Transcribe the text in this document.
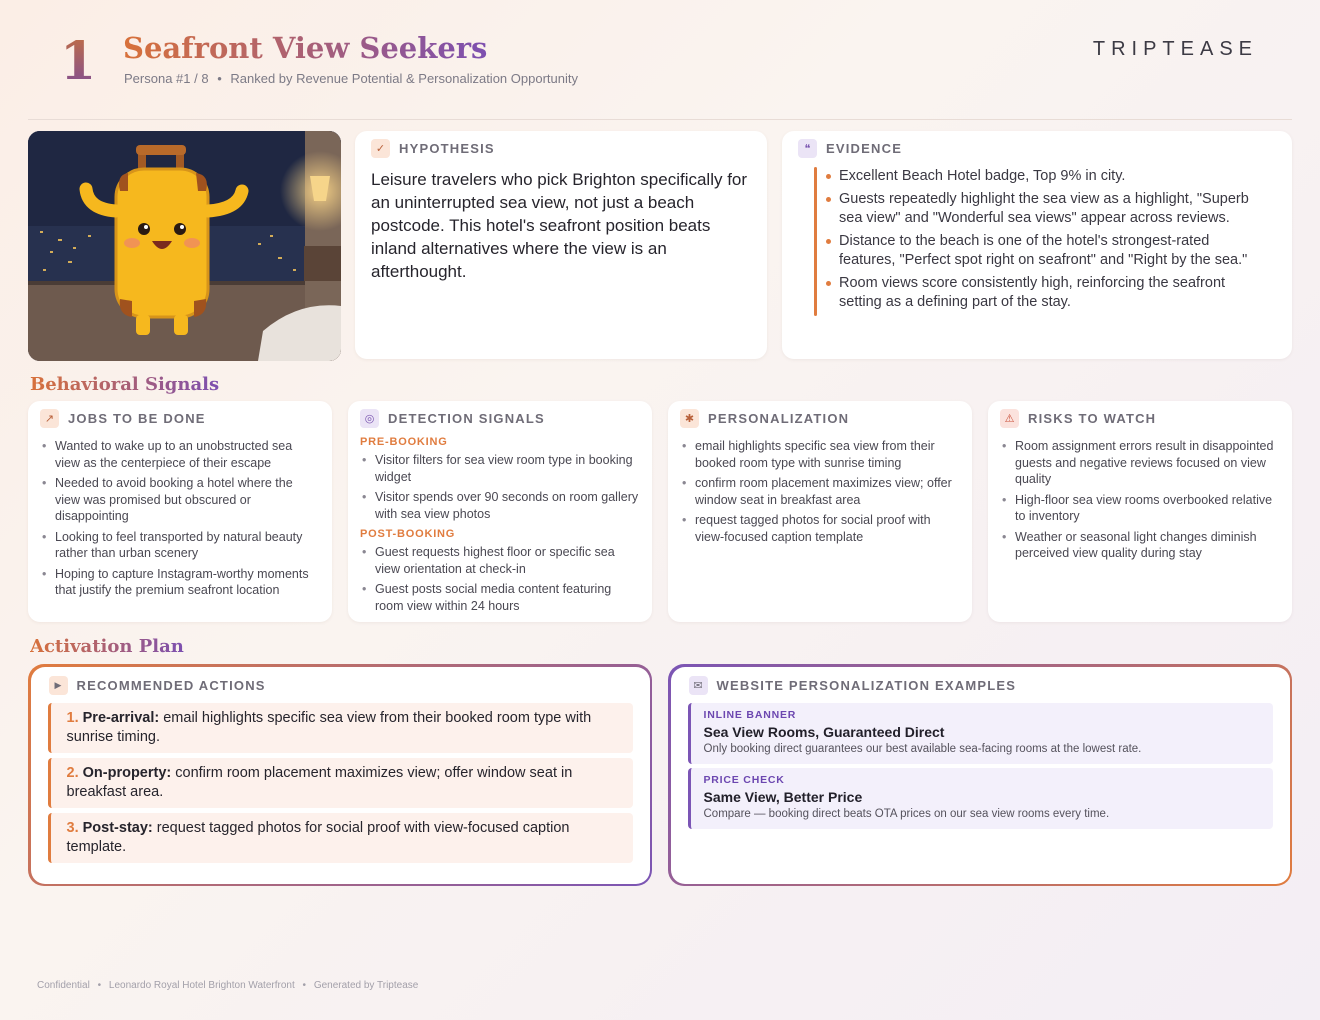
1 Seafront View Seekers
Persona #1 / 8 • Ranked by Revenue Potential & Personalization Opportunity
TRIPTEASE
✓	HYPOTHESIS
Leisure travelers who pick Brighton specifically for an uninterrupted sea view, not just a beach postcode. This hotel's seafront position beats inland alternatives where the view is an afterthought.
❝	EVIDENCE
Excellent Beach Hotel badge, Top 9% in city.
Guests repeatedly highlight the sea view as a highlight, "Superb sea view" and "Wonderful sea views" appear across reviews.
Distance to the beach is one of the hotel's strongest-rated features, "Perfect spot right on seafront" and "Right by the sea."
Room views score consistently high, reinforcing the seafront setting as a defining part of the stay.
Behavioral Signals
↗	JOBS TO BE DONE
• Wanted to wake up to an unobstructed sea view as the centerpiece of their escape
• Needed to avoid booking a hotel where the view was promised but obscured or disappointing
• Looking to feel transported by natural beauty rather than urban scenery
• Hoping to capture Instagram-worthy moments that justify the premium seafront location
◎	DETECTION SIGNALS
PRE-BOOKING
• Visitor filters for sea view room type in booking widget
• Visitor spends over 90 seconds on room gallery with sea view photos
POST-BOOKING
• Guest requests highest floor or specific sea view orientation at check-in
• Guest posts social media content featuring room view within 24 hours
✱	PERSONALIZATION
• email highlights specific sea view from their booked room type with sunrise timing
• confirm room placement maximizes view; offer window seat in breakfast area
• request tagged photos for social proof with view-focused caption template
⚠	RISKS TO WATCH
• Room assignment errors result in disappointed guests and negative reviews focused on view quality
• High-floor sea view rooms overbooked relative to inventory
• Weather or seasonal light changes diminish perceived view quality during stay
Activation Plan
▶	RECOMMENDED ACTIONS
1. Pre-arrival: email highlights specific sea view from their booked room type with sunrise timing.
2. On-property: confirm room placement maximizes view; offer window seat in breakfast area.
3. Post-stay: request tagged photos for social proof with view-focused caption template.
✉	WEBSITE PERSONALIZATION EXAMPLES
INLINE BANNER
Sea View Rooms, Guaranteed Direct
Only booking direct guarantees our best available sea-facing rooms at the lowest rate.
PRICE CHECK
Same View, Better Price
Compare — booking direct beats OTA prices on our sea view rooms every time.
Confidential • Leonardo Royal Hotel Brighton Waterfront • Generated by Triptease
